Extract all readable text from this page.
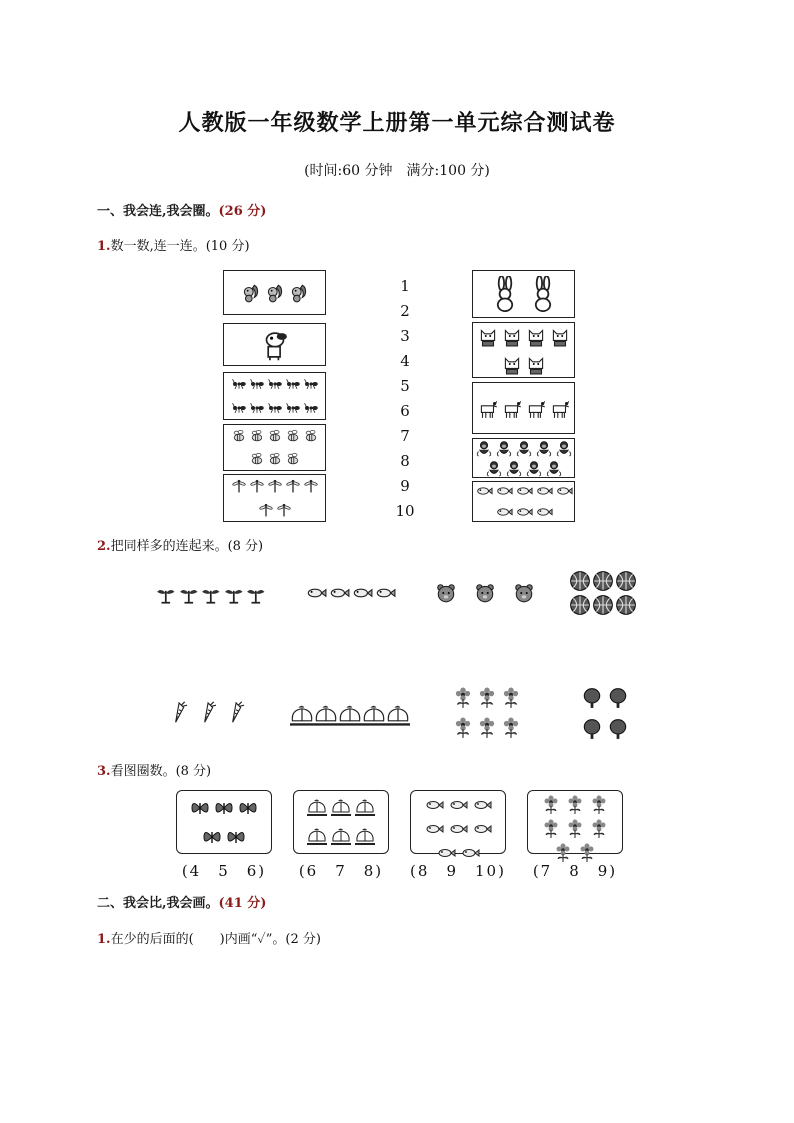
人教版一年级数学上册第一单元综合测试卷
(时间:60 分钟　满分:100 分)
一、我会连,我会圈。(26 分)
1.数一数,连一连。(10 分)
1
2
3
4
5
6
7
8
9
10
2.把同样多的连起来。(8 分)
3.看图圈数。(8 分)
(4　5　6)	(6　7　8)	(8　9　10)	(7　8　9)
二、我会比,我会画。(41 分)
1.在少的后面的(　　)内画“✓”。(2 分)
